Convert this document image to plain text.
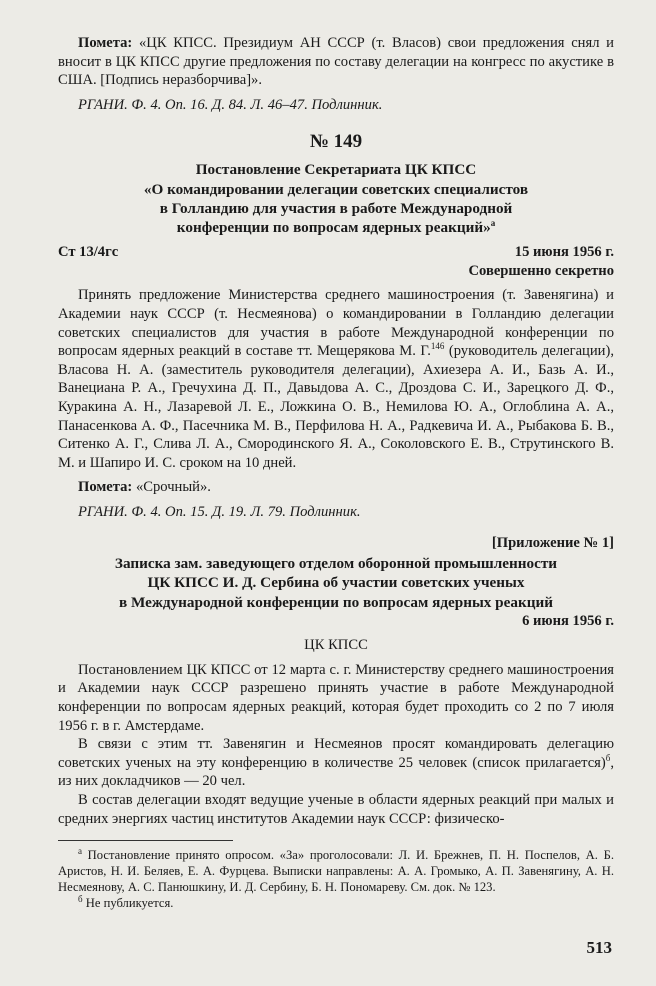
Помета: «ЦК КПСС. Президиум АН СССР (т. Власов) свои предложения снял и вносит в ЦК КПСС другие предложения по составу делегации на конгресс по акустике в США. [Подпись неразборчива]».

РГАНИ. Ф. 4. Оп. 16. Д. 84. Л. 46–47. Подлинник.

№ 149

Постановление Секретариата ЦК КПСС
«О командировании делегации советских специалистов
в Голландию для участия в работе Международной
конференции по вопросам ядерных реакций»$^a$
Ст 13/4гс	15 июня 1956 г.

Совершенно секретно

Принять предложение Министерства среднего машиностроения (т. Завенягина) и Академии наук СССР (т. Несмеянова) о командировании в Голландию делегации советских специалистов для участия в работе Международной конференции по вопросам ядерных реакций в составе тт. Мещерякова М. Г.$^{146}$ (руководитель делегации), Власова Н. А. (заместитель руководителя делегации), Ахиезера А. И., Базь А. И., Ванециана Р. А., Гречухина Д. П., Давыдова А. С., Дроздова С. И., Зарецкого Д. Ф., Куракина А. Н., Лазаревой Л. Е., Ложкина О. В., Немилова Ю. А., Оглоблина А. А., Панасенкова А. Ф., Пасечника М. В., Перфилова Н. А., Радкевича И. А., Рыбакова Б. В., Ситенко А. Г., Слива Л. А., Смородинского Я. А., Соколовского Е. В., Струтинского В. М. и Шапиро И. С. сроком на 10 дней.

Помета: «Срочный».

РГАНИ. Ф. 4. Оп. 15. Д. 19. Л. 79. Подлинник.

[Приложение № 1]

Записка зам. заведующего отделом оборонной промышленности
ЦК КПСС И. Д. Сербина об участии советских ученых
в Международной конференции по вопросам ядерных реакций

6 июня 1956 г.

ЦК КПСС

Постановлением ЦК КПСС от 12 марта с. г. Министерству среднего машиностроения и Академии наук СССР разрешено принять участие в работе Международной конференции по вопросам ядерных реакций, которая будет проходить со 2 по 7 июля 1956 г. в г. Амстердаме.

В связи с этим тт. Завенягин и Несмеянов просят командировать делегацию советских ученых на эту конференцию в количестве 25 человек (список прилагается)$^б$, из них докладчиков — 20 чел.

В состав делегации входят ведущие ученые в области ядерных реакций при малых и средних энергиях частиц институтов Академии наук СССР: физическо-

$^а$ Постановление принято опросом. «За» проголосовали: Л. И. Брежнев, П. Н. Поспелов, А. Б. Аристов, Н. И. Беляев, Е. А. Фурцева. Выписки направлены: А. А. Громыко, А. П. Завенягину, А. Н. Несмеянову, А. С. Панюшкину, И. Д. Сербину, Б. Н. Пономареву. См. док. № 123.

$^б$ Не публикуется.

513
